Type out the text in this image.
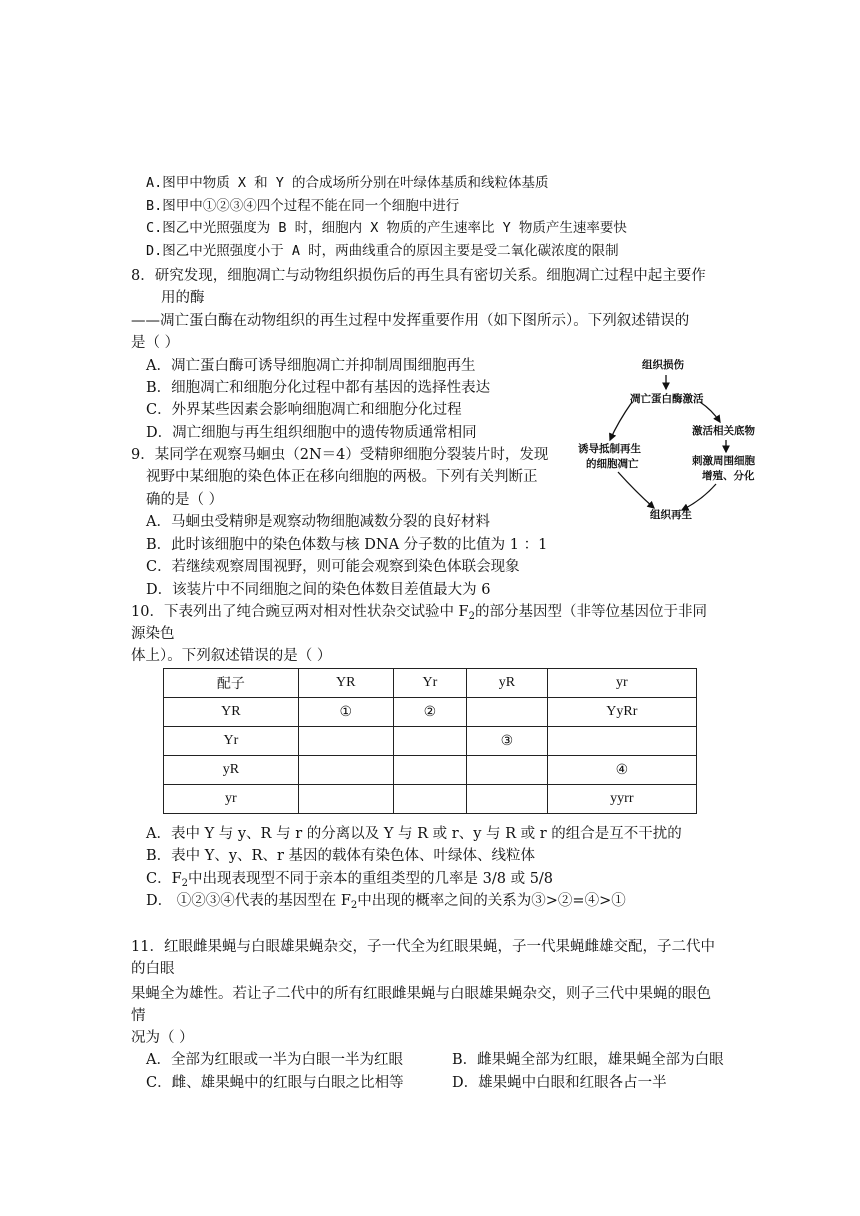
A.图甲中物质 X 和 Y 的合成场所分别在叶绿体基质和线粒体基质
B.图甲中①②③④四个过程不能在同一个细胞中进行
C.图乙中光照强度为 B 时，细胞内 X 物质的产生速率比 Y 物质产生速率要快
D.图乙中光照强度小于 A 时，两曲线重合的原因主要是受二氧化碳浓度的限制
8．研究发现，细胞凋亡与动物组织损伤后的再生具有密切关系。细胞凋亡过程中起主要作
用的酶
——凋亡蛋白酶在动物组织的再生过程中发挥重要作用（如下图所示）。下列叙述错误的
是（ ）
A．凋亡蛋白酶可诱导细胞凋亡并抑制周围细胞再生
B．细胞凋亡和细胞分化过程中都有基因的选择性表达
C．外界某些因素会影响细胞凋亡和细胞分化过程
D．凋亡细胞与再生组织细胞中的遗传物质通常相同
组织损伤
凋亡蛋白酶激活
激活相关底物
诱导抵制再生
的细胞凋亡	刺激周围细胞
增殖、分化
组织再生
9．某同学在观察马蛔虫（2N＝4）受精卵细胞分裂装片时，发现
视野中某细胞的染色体正在移向细胞的两极。下列有关判断正
确的是（ ）
A．马蛔虫受精卵是观察动物细胞减数分裂的良好材料
B．此时该细胞中的染色体数与核 DNA 分子数的比值为 1 ：1
C．若继续观察周围视野，则可能会观察到染色体联会现象
D．该装片中不同细胞之间的染色体数目差值最大为 6
10．下表列出了纯合豌豆两对相对性状杂交试验中 $F_2$的部分基因型（非等位基因位于非同
源染色
体上）。下列叙述错误的是（ ）
配子	YR	Yr	yR	yr
YR	①	②		YyRr
Yr			③	
yR				④
yr				yyrr
A．表中 Y 与 y、R 与 r 的分离以及 Y 与 R 或 r、y 与 R 或 r 的组合是互不干扰的
B．表中 Y、y、R、r 基因的载体有染色体、叶绿体、线粒体
C．$F_2$中出现表现型不同于亲本的重组类型的几率是 3/8 或 5/8
D． ①②③④代表的基因型在 $F_2$中出现的概率之间的关系为③>②=④>①
11．红眼雌果蝇与白眼雄果蝇杂交，子一代全为红眼果蝇，子一代果蝇雌雄交配，子二代中
的白眼
果蝇全为雄性。若让子二代中的所有红眼雌果蝇与白眼雄果蝇杂交，则子三代中果蝇的眼色
情
况为（ ）
A．全部为红眼或一半为白眼一半为红眼	B．雌果蝇全部为红眼，雄果蝇全部为白眼
C．雌、雄果蝇中的红眼与白眼之比相等	D．雄果蝇中白眼和红眼各占一半
